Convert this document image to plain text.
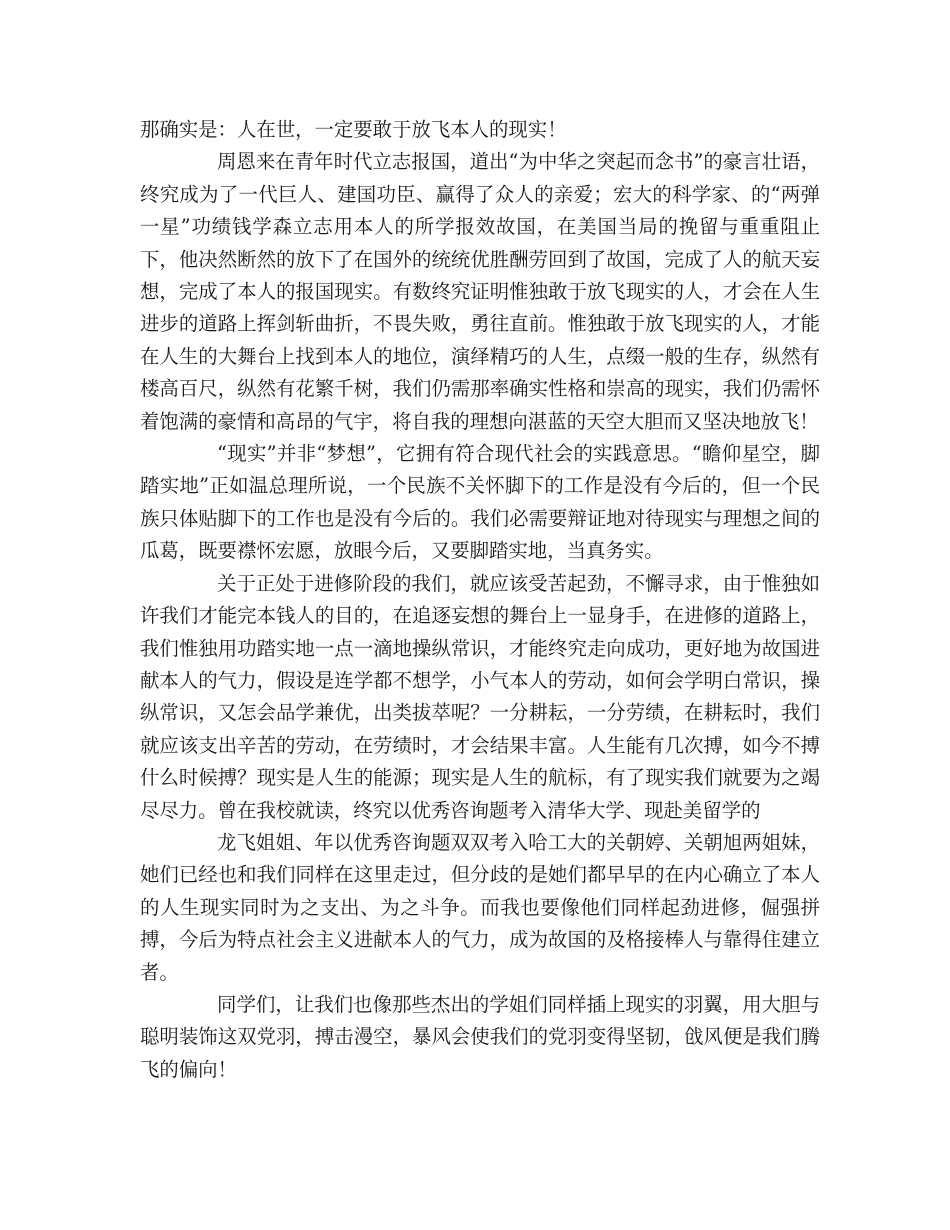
那确实是：人在世，一定要敢于放飞本人的现实！

周恩来在青年时代立志报国，道出“为中华之突起而念书”的豪言壮语，终究成为了一代巨人、建国功臣、赢得了众人的亲爱；宏大的科学家、的“两弹一星”功绩钱学森立志用本人的所学报效故国，在美国当局的挽留与重重阻止下，他决然断然的放下了在国外的统统优胜酬劳回到了故国，完成了人的航天妄想，完成了本人的报国现实。有数终究证明惟独敢于放飞现实的人，才会在人生进步的道路上挥剑斩曲折，不畏失败，勇往直前。惟独敢于放飞现实的人，才能在人生的大舞台上找到本人的地位，演绎精巧的人生，点缀一般的生存，纵然有楼高百尺，纵然有花繁千树，我们仍需那率确实性格和崇高的现实，我们仍需怀着饱满的豪情和高昂的气宇，将自我的理想向湛蓝的天空大胆而又坚决地放飞！

“现实”并非“梦想”，它拥有符合现代社会的实践意思。“瞻仰星空，脚踏实地”正如温总理所说，一个民族不关怀脚下的工作是没有今后的，但一个民族只体贴脚下的工作也是没有今后的。我们必需要辩证地对待现实与理想之间的瓜葛，既要襟怀宏愿，放眼今后，又要脚踏实地，当真务实。

关于正处于进修阶段的我们，就应该受苦起劲，不懈寻求，由于惟独如许我们才能完本钱人的目的，在追逐妄想的舞台上一显身手，在进修的道路上，我们惟独用功踏实地一点一滴地操纵常识，才能终究走向成功，更好地为故国进献本人的气力，假设是连学都不想学，小气本人的劳动，如何会学明白常识，操纵常识，又怎会品学兼优，出类拔萃呢？一分耕耘，一分劳绩，在耕耘时，我们就应该支出辛苦的劳动，在劳绩时，才会结果丰富。人生能有几次搏，如今不搏什么时候搏？现实是人生的能源；现实是人生的航标，有了现实我们就要为之竭尽尽力。曾在我校就读，终究以优秀咨询题考入清华大学、现赴美留学的

龙飞姐姐、年以优秀咨询题双双考入哈工大的关朝婷、关朝旭两姐妹，她们已经也和我们同样在这里走过，但分歧的是她们都早早的在内心确立了本人的人生现实同时为之支出、为之斗争。而我也要像他们同样起劲进修，倔强拼搏，今后为特点社会主义进献本人的气力，成为故国的及格接棒人与靠得住建立者。

同学们，让我们也像那些杰出的学姐们同样插上现实的羽翼，用大胆与聪明装饰这双党羽，搏击漫空，暴风会使我们的党羽变得坚韧，戗风便是我们腾飞的偏向！
